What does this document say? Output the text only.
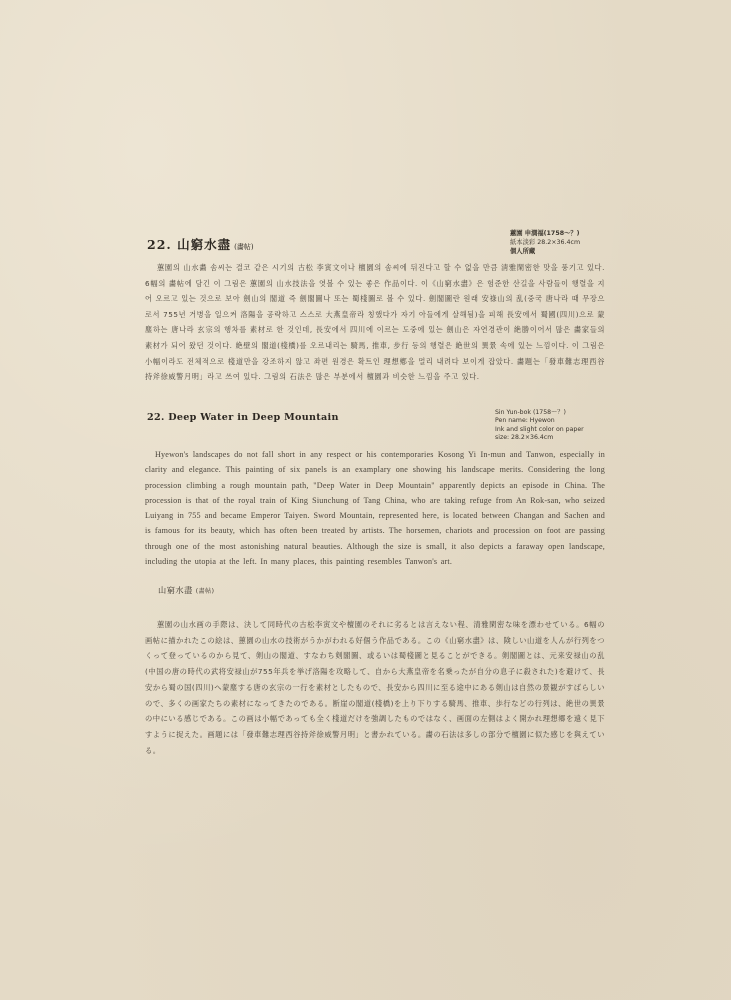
22. 山窮水盡 (畵帖)
蕙園 申潤福(1758～？)
紙本淡彩 28.2×36.4cm
個人所藏

蕙園의 山水畵 솜씨는 결코 같은 시기의 古松 李寅文이나 檀園의 솜씨에 뒤진다고 할 수 없을 만큼 淸雅閑密한 맛을 풍기고 있다. 6幅의 畵帖에 담긴 이 그림은 蕙園의 山水技法을 엿볼 수 있는 좋은 作品이다. 이《山窮水盡》은 험준한 산길을 사람들이 행렬을 지어 오르고 있는 것으로 보아 劍山의 閣道 즉 劍閣圖나 또는 蜀棧圖로 볼 수 있다. 劍閣圖란 원래 安祿山의 乱(중국 唐나라 때 무장으로서 755년 거병을 일으켜 洛陽을 공략하고 스스로 大燕皇帝라 칭했다가 자기 아들에게 살해됨)을 피해 長安에서 蜀國(四川)으로 蒙塵하는 唐나라 玄宗의 행차를 素材로 한 것인데, 長安에서 四川에 이르는 도중에 있는 劍山은 자연경관이 絶勝이어서 많은 畵家들의 素材가 되어 왔던 것이다. 絶壁의 閣道(棧橋)를 오르내리는 騎馬, 推車, 步行 등의 행렬은 絶世의 異景 속에 있는 느낌이다. 이 그림은 小幅이라도 전체적으로 棧道만을 강조하지 않고 좌편 원경은 확트인 理想鄕을 멀리 내려다 보이게 잡았다. 畵題는「發車難志理西谷 持斧徐威警月明」라고 쓰여 있다. 그림의 石法은 많은 부분에서 檀園과 비슷한 느낌을 주고 있다.

22. Deep Water in Deep Mountain	Sin Yun-bok (1758～？)
Pen name: Hyewon
Ink and slight color on paper
size: 28.2×36.4cm

Hyewon's landscapes do not fall short in any respect or his contemporaries Kosong Yi In-mun and Tanwon, especially in clarity and elegance. This painting of six panels is an examplary one showing his landscape merits. Considering the long procession climbing a rough mountain path, "Deep Water in Deep Mountain" apparently depicts an episode in China. The procession is that of the royal train of King Siunchung of Tang China, who are taking refuge from An Rok-san, who seized Luiyang in 755 and became Emperor Taiyen. Sword Mountain, represented here, is located between Changan and Sachen and is famous for its beauty, which has often been treated by artists. The horsemen, chariots and procession on foot are passing through one of the most astonishing natural beauties. Although the size is small, it also depicts a faraway open landscape, including the utopia at the left. In many places, this painting resembles Tanwon's art.

山窮水盡 (畵帖)

蕙園の山水画の手際は、決して同時代の古松李寅文や檀園のそれに劣るとは言えない程、清雅閑密な味を漂わせている。6幅の画帖に描かれたこの絵は、蕙園の山水の技術がうかがわれる好個う作品である。この《山窮水盡》は、険しい山道を人んが行列をつくって登っているのから見て、剣山の閣道、すなわち剣閣圖、或るいは蜀棧圖と見ることができる。剣閣圖とは、元来安禄山の乱(中国の唐の時代の武将安禄山が755年兵を挙げ洛陽を攻略して、自から大燕皇帝を名乗ったが自分の息子に殺された)を避けて、長安から蜀の国(四川)へ蒙塵する唐の玄宗の一行を素材としたもので、長安から四川に至る途中にある剣山は自然の景観がすばらしいので、多くの画家たちの素材になってきたのである。断崖の閣道(棧橋)を上り下りする騎馬、推車、歩行などの行列は、絶世の異景の中にいる感じである。この画は小幅であっても全く棧道だけを強調したものではなく、画面の左側はよく開かれ理想郷を遠く見下すように捉えた。画題には「發車難志理西谷持斧徐威警月明」と書かれている。畵の石法は多しの部分で檀園に似た感じを與えている。
